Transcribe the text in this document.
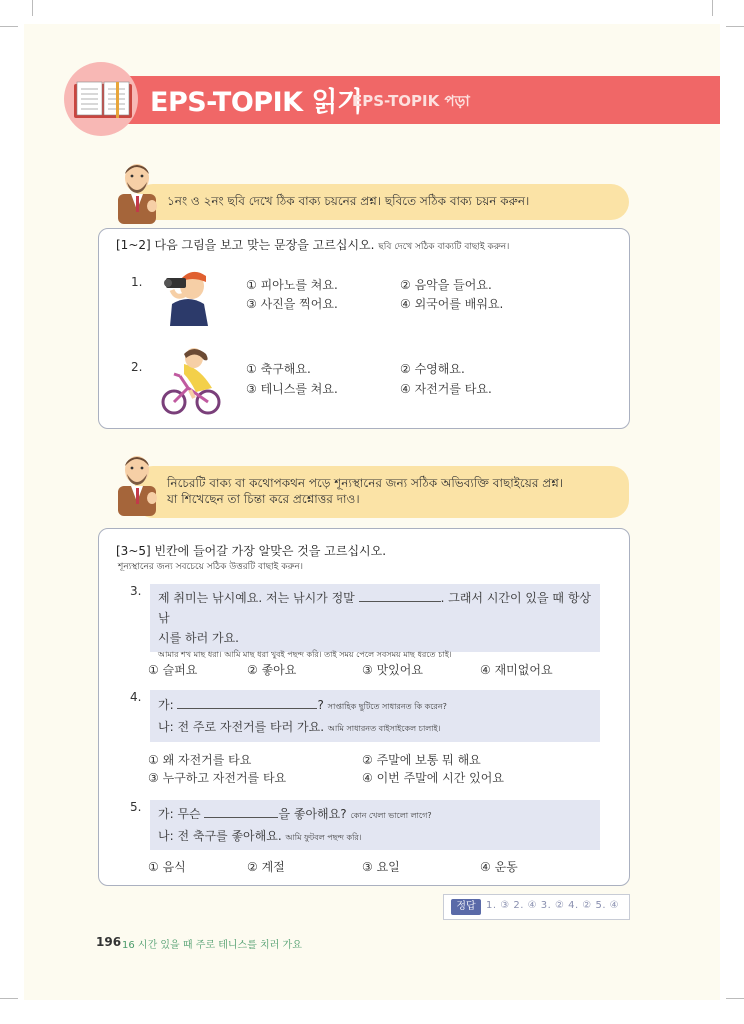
EPS-TOPIK 읽기
EPS-TOPIK পড়া
১নং ও ২নং ছবি দেখে ঠিক বাক্য চয়নের প্রশ্ন। ছবিতে সঠিক বাক্য চয়ন করুন।
[1~2] 다음 그림을 보고 맞는 문장을 고르십시오. ছবি দেখে সঠিক বাক্যটি বাছাই করুন।
1.	① 피아노를 쳐요.	② 음악을 들어요.
③ 사진을 찍어요.	④ 외국어를 배워요.
2.	① 축구해요.	② 수영해요.
③ 테니스를 쳐요.	④ 자전거를 타요.
নিচেরটি বাক্য বা কথোপকথন পড়ে শূন্যস্থানের জন্য সঠিক অভিব্যক্তি বাছাইয়ের প্রশ্ন।
যা শিখেছেন তা চিন্তা করে প্রশ্নোত্তর দাও।
[3~5] 빈칸에 들어갈 가장 알맞은 것을 고르십시오.
শূন্যস্থানের জন্য সবচেয়ে সঠিক উত্তরটি বাছাই করুন।
3. 제 취미는 낚시예요. 저는 낚시가 정말	. 그래서 시간이 있을 때 항상 낚
시를 하러 가요.
আমার শখ মাছ ধরা। আমি মাছ ধরা খুবই পছন্দ করি। তাই সময় পেলে সবসময় মাছ ধরতে চাই।
① 슬퍼요	② 좋아요	③ 맛있어요	④ 재미없어요
4.
가:	? সাপ্তাহিক ছুটিতে সাধারনত কি করেন?
나: 전 주로 자전거를 타러 가요. আমি সাধারনত বাইসাইকেল চালাই।
① 왜 자전거를 타요	② 주말에 보통 뭐 해요
③ 누구하고 자전거를 타요	④ 이번 주말에 시간 있어요
5. 가: 무슨	을 좋아해요? কোন খেলা ভালো লাগে?
나: 전 축구를 좋아해요. আমি ফুটবল পছন্দ করি।
① 음식	② 계절	③ 요일	④ 운동
정답	1. ③ 2. ④ 3. ② 4. ② 5. ④
196 16 시간 있을 때 주로 테니스를 치러 가요
